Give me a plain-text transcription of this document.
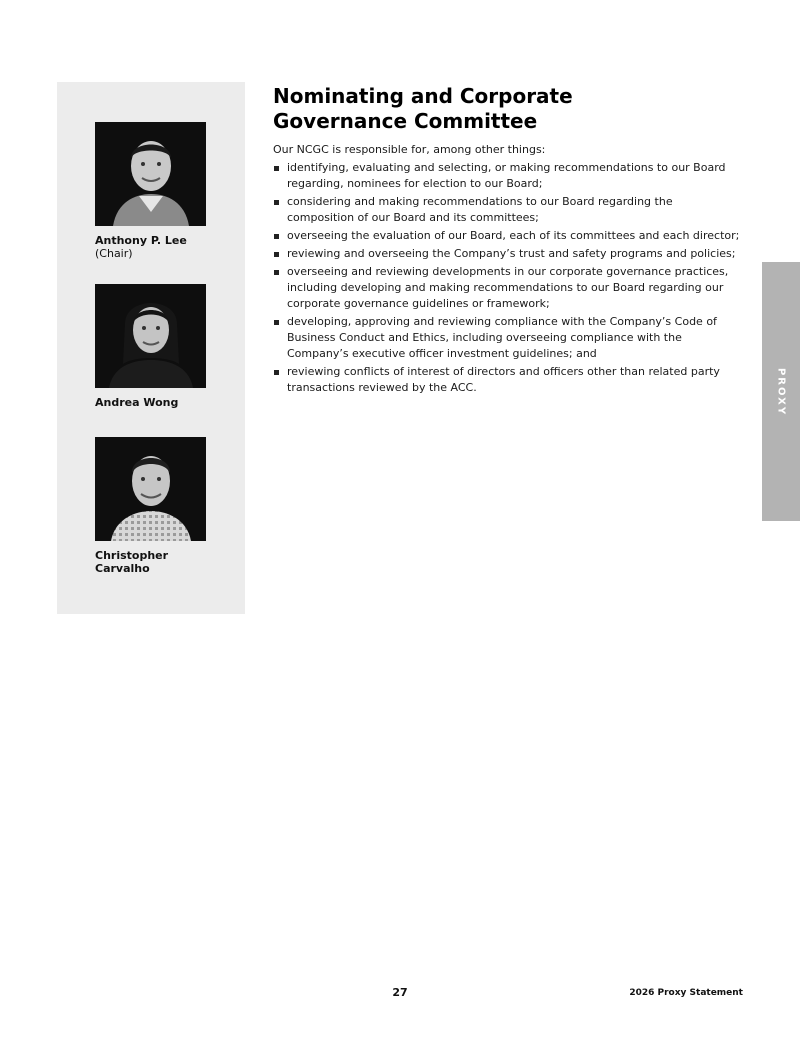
Anthony P. Lee
(Chair)
Andrea Wong
Christopher Carvalho
Nominating and Corporate
Governance Committee

Our NCGC is responsible for, among other things:

identifying, evaluating and selecting, or making recommendations to our Board regarding, nominees for election to our Board;
considering and making recommendations to our Board regarding the composition of our Board and its committees;
overseeing the evaluation of our Board, each of its committees and each director;
reviewing and overseeing the Company’s trust and safety programs and policies;
overseeing and reviewing developments in our corporate governance practices, including developing and making recommendations to our Board regarding our corporate governance guidelines or framework;
developing, approving and reviewing compliance with the Company’s Code of Business Conduct and Ethics, including overseeing compliance with the Company’s executive officer investment guidelines; and
reviewing conflicts of interest of directors and officers other than related party transactions reviewed by the ACC.	PROXY
27	2026 Proxy Statement
